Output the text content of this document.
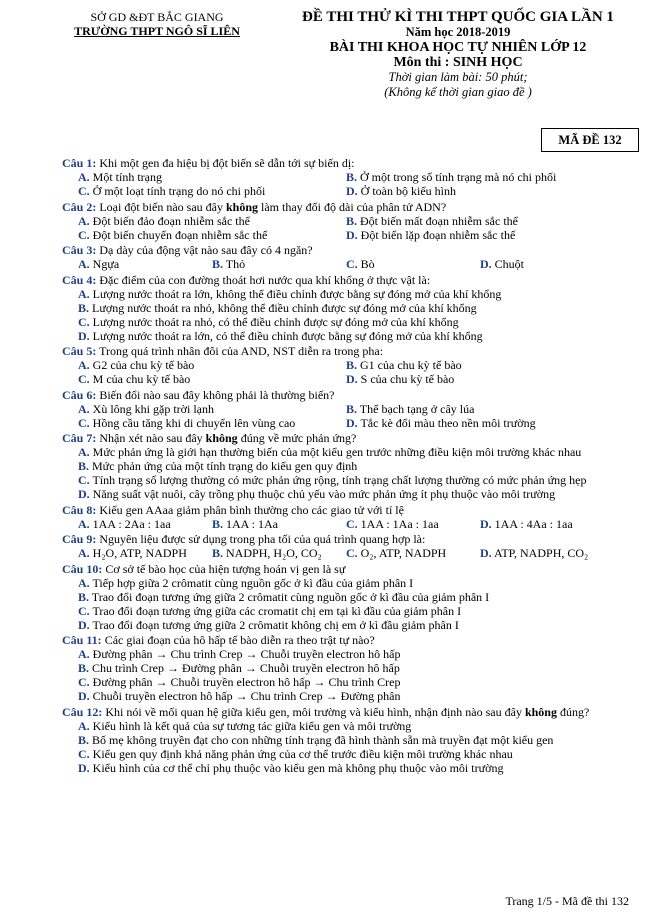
SỞ GD &ĐT BẮC GIANG
TRƯỜNG THPT NGÔ SĨ LIÊN
ĐỀ THI THỬ KÌ THI THPT QUỐC GIA LẦN 1
Năm học 2018-2019
BÀI THI KHOA HỌC TỰ NHIÊN LỚP 12
Môn thi : SINH HỌC
Thời gian làm bài: 50 phút;
(Không kể thời gian giao đề )
MÃ ĐỀ 132
Câu 1: Khi một gen đa hiệu bị đột biến sẽ dẫn tới sự biến dị:
A. Một tính trạng	B. Ở một trong số tính trạng mà nó chi phối
C. Ở một loạt tính trạng do nó chi phối	D. Ở toàn bộ kiểu hình
Câu 2: Loại đột biến nào sau đây không làm thay đổi độ dài của phân tử ADN?
A. Đột biến đảo đoạn nhiễm sắc thể	B. Đột biến mất đoạn nhiễm sắc thể
C. Đột biến chuyển đoạn nhiễm sắc thể	D. Đột biến lặp đoạn nhiễm sắc thể
Câu 3: Dạ dày của động vật nào sau đây có 4 ngăn?
A. Ngựa	B. Thỏ	C. Bò	D. Chuột
Câu 4: Đặc điểm của con đường thoát hơi nước qua khí khổng ở thực vật là:
A. Lượng nước thoát ra lớn, không thể điều chỉnh được bằng sự đóng mở của khí khổng
B. Lượng nước thoát ra nhỏ, không thể điều chỉnh được sự đóng mở của khí khổng
C. Lượng nước thoát ra nhỏ, có thể điều chỉnh được sự đóng mở của khí khổng
D. Lượng nước thoát ra lớn, có thể điều chỉnh được bằng sự đóng mở của khí khổng
Câu 5: Trong quá trình nhân đôi của AND, NST diễn ra trong pha:
A. G2 của chu kỳ tế bào	B. G1 của chu kỳ tế bào
C. M của chu kỳ tế bào	D. S của chu kỳ tế bào
Câu 6: Biến đổi nào sau đây không phải là thường biến?
A. Xù lông khi gặp trời lạnh	B. Thể bạch tạng ở cây lúa
C. Hồng cầu tăng khi di chuyển lên vùng cao	D. Tắc kè đổi màu theo nền môi trường
Câu 7: Nhận xét nào sau đây không đúng về mức phản ứng?
A. Mức phản ứng là giới hạn thường biến của một kiểu gen trước những điều kiện môi trường khác nhau
B. Mức phản ứng của một tính trạng do kiểu gen quy định
C. Tính trạng số lượng thường có mức phản ứng rộng, tính trạng chất lượng thường có mức phản ứng hẹp
D. Năng suất vật nuôi, cây trồng phụ thuộc chủ yếu vào mức phản ứng ít phụ thuộc vào môi trường
Câu 8: Kiểu gen AAaa giảm phân bình thường cho các giao tử với tỉ lệ
A. 1AA : 2Aa : 1aa	B. 1AA : 1Aa	C. 1AA : 1Aa : 1aa	D. 1AA : 4Aa : 1aa
Câu 9: Nguyên liệu được sử dụng trong pha tối của quá trình quang hợp là:
A. H₂O, ATP, NADPH	B. NADPH, H₂O, CO₂	C. O₂, ATP, NADPH	D. ATP, NADPH, CO₂
Câu 10: Cơ sở tế bào học của hiện tượng hoán vị gen là sự
A. Tiếp hợp giữa 2 crômatit cùng nguồn gốc ở kì đầu của giảm phân I
B. Trao đổi đoạn tương ứng giữa 2 crômatit cùng nguồn gốc ở kì đầu của giảm phân I
C. Trao đổi đoạn tương ứng giữa các cromatit chị em tại kì đầu của giảm phân I
D. Trao đổi đoạn tương ứng giữa 2 crômatit không chị em ở kì đầu giảm phân I
Câu 11: Các giai đoạn của hô hấp tế bào diễn ra theo trật tự nào?
A. Đường phân → Chu trình Crep → Chuỗi truyền electron hô hấp
B. Chu trình Crep → Đường phân → Chuỗi truyền electron hô hấp
C. Đường phân → Chuỗi truyền electron hô hấp → Chu trình Crep
D. Chuỗi truyền electron hô hấp → Chu trình Crep → Đường phân
Câu 12: Khi nói về mối quan hệ giữa kiểu gen, môi trường và kiểu hình, nhận định nào sau đây không đúng?
A. Kiểu hình là kết quả của sự tương tác giữa kiểu gen và môi trường
B. Bố mẹ không truyền đạt cho con những tính trạng đã hình thành sẵn mà truyền đạt một kiểu gen
C. Kiểu gen quy định khả năng phản ứng của cơ thể trước điều kiện môi trường khác nhau
D. Kiểu hình của cơ thể chỉ phụ thuộc vào kiểu gen mà không phụ thuộc vào môi trường
Trang 1/5 - Mã đề thi 132
